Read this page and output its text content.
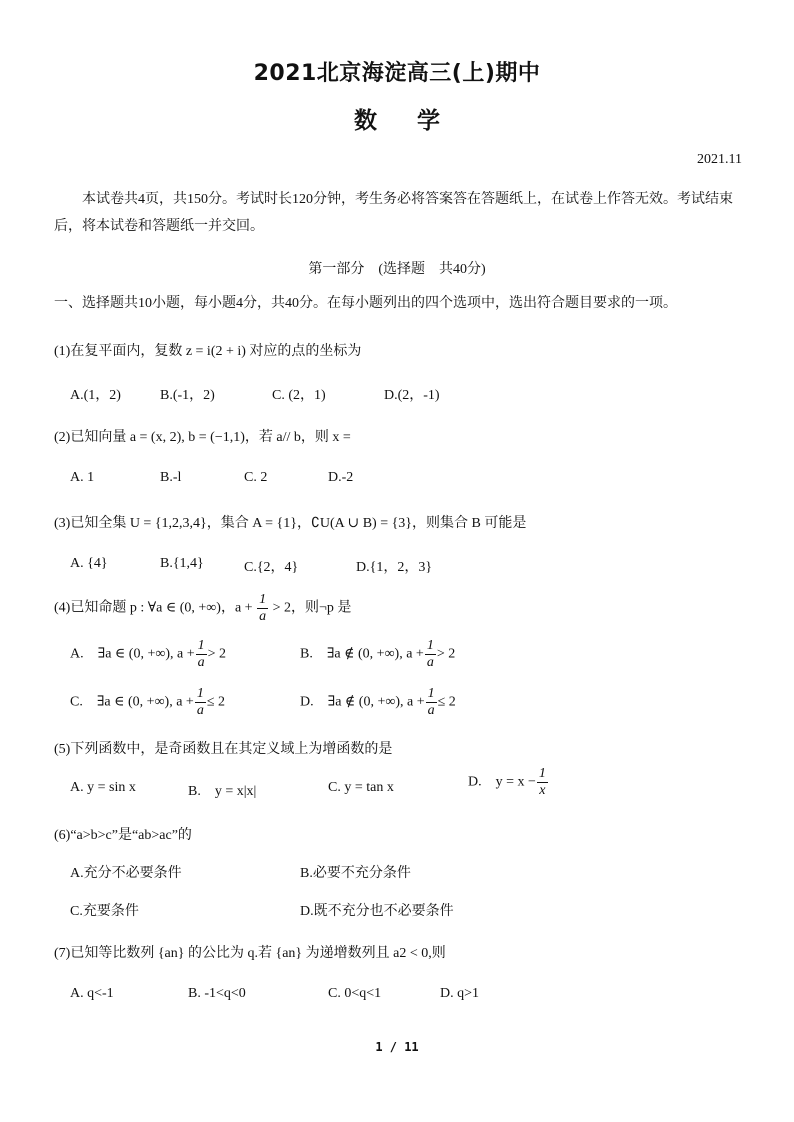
2021北京海淀高三(上)期中
数 学
2021.11
本试卷共4页，共150分。考试时长120分钟，考生务必将答案答在答题纸上，在试卷上作答无效。考试结束后，将本试卷和答题纸一并交回。
第一部分　(选择题　共40分)
一、选择题共10小题，每小题4分，共40分。在每小题列出的四个选项中，选出符合题目要求的一项。
(1)在复平面内，复数 z = i(2 + i) 对应的点的坐标为
A.(1，2)	B.(-1，2)	C. (2，1)	D.(2，-1)
(2)已知向量 a = (x, 2), b = (−1,1)，若 a// b，则 x =
A. 1	B.-l	C. 2	D.-2
(3)已知全集 U = {1,2,3,4}，集合 A = {1}，∁U(A ∪ B) = {3}，则集合 B 可能是
A. {4}	B.{1,4}	C.{2，4}	D.{1，2，3}
(4)已知命题 p : ∀a ∈ (0, +∞)，$a + \frac{1}{a} > 2$，则¬p 是
A.　∃a ∈ (0, +∞), $a + \frac{1}{a} > 2$	B.　∃a ∉ (0, +∞), $a + \frac{1}{a} > 2$
C.　∃a ∈ (0, +∞), $a + \frac{1}{a} \le 2$	D.　∃a ∉ (0, +∞), $a + \frac{1}{a} \le 2$
(5)下列函数中，是奇函数且在其定义域上为增函数的是
A. y = sin x	B.　y = x|x|	C. y = tan x	D.　$y = x - \frac{1}{x}$
(6)“a>b>c”是“ab>ac”的
A.充分不必要条件	B.必要不充分条件
C.充要条件	D.既不充分也不必要条件
(7)已知等比数列 {an} 的公比为 q.若 {an} 为递增数列且 a2 < 0,则
A. q<-1	B. -1<q<0	C. 0<q<1	D. q>1
1 / 11
